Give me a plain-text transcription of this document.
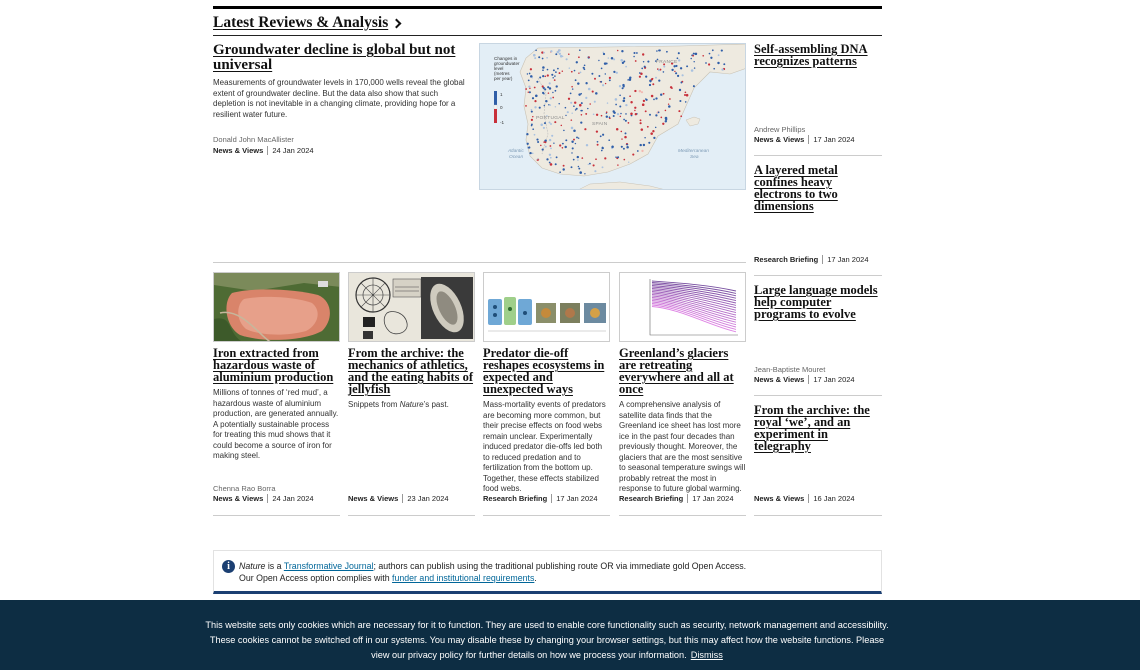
Latest Reviews & Analysis
Groundwater decline is global but not universal

Measurements of groundwater levels in 170,000 wells reveal the global extent of groundwater decline. But the data also show that such depletion is not inevitable in a changing climate, providing hope for a resilient water future.

Donald John MacAllister
News & Views 24 Jan 2024
Changes in
groundwater
level
(metres
per year)
1
0
-1
FRANCE
PORTUGAL
SPAIN
Atlantic
Ocean
Mediterranean
Sea
Self-assembling DNA recognizes patterns
Andrew Phillips
News & Views 17 Jan 2024
A layered metal confines heavy electrons to two dimensions
Research Briefing 17 Jan 2024
Large language models help computer programs to evolve
Jean-Baptiste Mouret
News & Views 17 Jan 2024
From the archive: the royal ‘we’, and an experiment in telegraphy
News & Views 16 Jan 2024
Iron extracted from hazardous waste of aluminium production

Millions of tonnes of ‘red mud’, a hazardous waste of aluminium production, are generated annually. A potentially sustainable process for treating this mud shows that it could become a source of iron for making steel.

Chenna Rao Borra
News & Views 24 Jan 2024
From the archive: the mechanics of athletics, and the eating habits of jellyfish

Snippets from Nature’s past.

News & Views 23 Jan 2024
Predator die-off reshapes ecosystems in expected and unexpected ways

Mass-mortality events of predators are becoming more common, but their precise effects on food webs remain unclear. Experimentally induced predator die-offs led both to reduced predation and to fertilization from the bottom up. Together, these effects stabilized food webs.

Research Briefing 17 Jan 2024
Greenland’s glaciers are retreating everywhere and all at once

A comprehensive analysis of satellite data finds that the Greenland ice sheet has lost more ice in the past four decades than previously thought. Moreover, the glaciers that are the most sensitive to seasonal temperature swings will probably retreat the most in response to future global warming.

Research Briefing 17 Jan 2024
i	Nature is a Transformative Journal; authors can publish using the traditional publishing route OR via immediate gold Open Access.
Our Open Access option complies with funder and institutional requirements.

This website sets only cookies which are necessary for it to function. They are used to enable core functionality such as security, network management and accessibility. These cookies cannot be switched off in our systems. You may disable these by changing your browser settings, but this may affect how the website functions. Please view our privacy policy for further details on how we process your information. Dismiss
